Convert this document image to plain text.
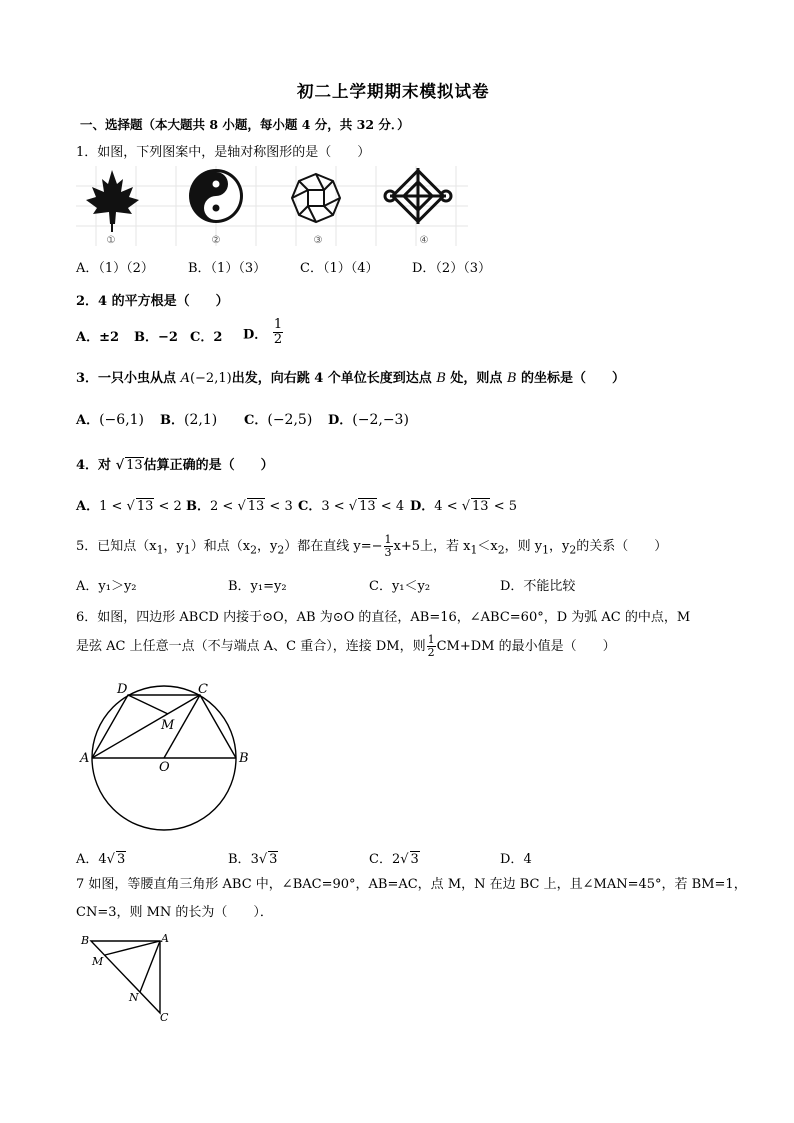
初二上学期期末模拟试卷
一、选择题（本大题共 8 小题，每小题 4 分，共 32 分．）
1．如图，下列图案中，是轴对称图形的是（　　）
①	②	③	④
A．（1）（2）	B．（1）（3）	C．（1）（4）	D．（2）（3）
2．4 的平方根是（　　）
A．±2 B．−2 C．2 D． $\frac{1}{2}$
3．一只小虫从点 A(−2,1)出发，向右跳 4 个单位长度到达点 B 处，则点 B 的坐标是（　　）
A．(−6,1) B．(2,1) C．(−2,5) D．(−2,−3)
4．对 √ 13估算正确的是（　　）
A．1 < √ 13 < 2 B．2 < √ 13 < 3 C．3 < √ 13 < 4 D．4 < √ 13 < 5
5．已知点（$x_1$，$y_1$）和点（$x_2$，$y_2$）都在直线 $y=- \frac{1}{3} x+5$上，若 $x_1<x_2$，则 $y_1$，$y_2$的关系（　　）
A．y₁＞y₂	B．y₁=y₂	C．y₁＜y₂	D．不能比较
6．如图，四边形 ABCD 内接于⊙O，AB 为⊙O 的直径，AB=16，∠ABC=60°，D 为弧 AC 的中点，M
是弦 AC 上任意一点（不与端点 A、C 重合），连接 DM，则 $\frac{1}{2} CM+DM$ 的最小值是（　　）
A	B
C
D
M
O
A．4√ 3	B．3√ 3	C．2√ 3	D．4
7 如图，等腰直角三角形 ABC 中，∠BAC=90°，AB=AC，点 M，N 在边 BC 上，且∠MAN=45°，若 BM=1，
CN=3，则 MN 的长为（　　）．
B	A
M
N
C
